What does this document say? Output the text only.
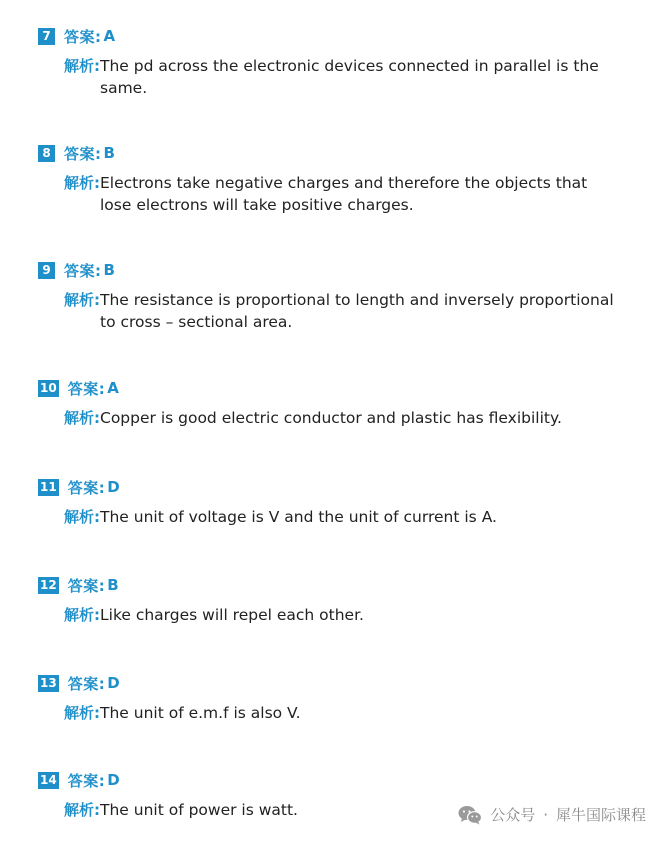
7 答案: A
解析: The pd across the electronic devices connected in parallel is the same.
8 答案: B
解析: Electrons take negative charges and therefore the objects that lose electrons will take positive charges.
9 答案: B
解析: The resistance is proportional to length and inversely proportional to cross – sectional area.
10 答案: A
解析: Copper is good electric conductor and plastic has flexibility.
11 答案: D
解析: The unit of voltage is V and the unit of current is A.
12 答案: B
解析: Like charges will repel each other.
13 答案: D
解析: The unit of e.m.f is also V.
14 答案: D
解析: The unit of power is watt.	公众号 · 犀牛国际课程
